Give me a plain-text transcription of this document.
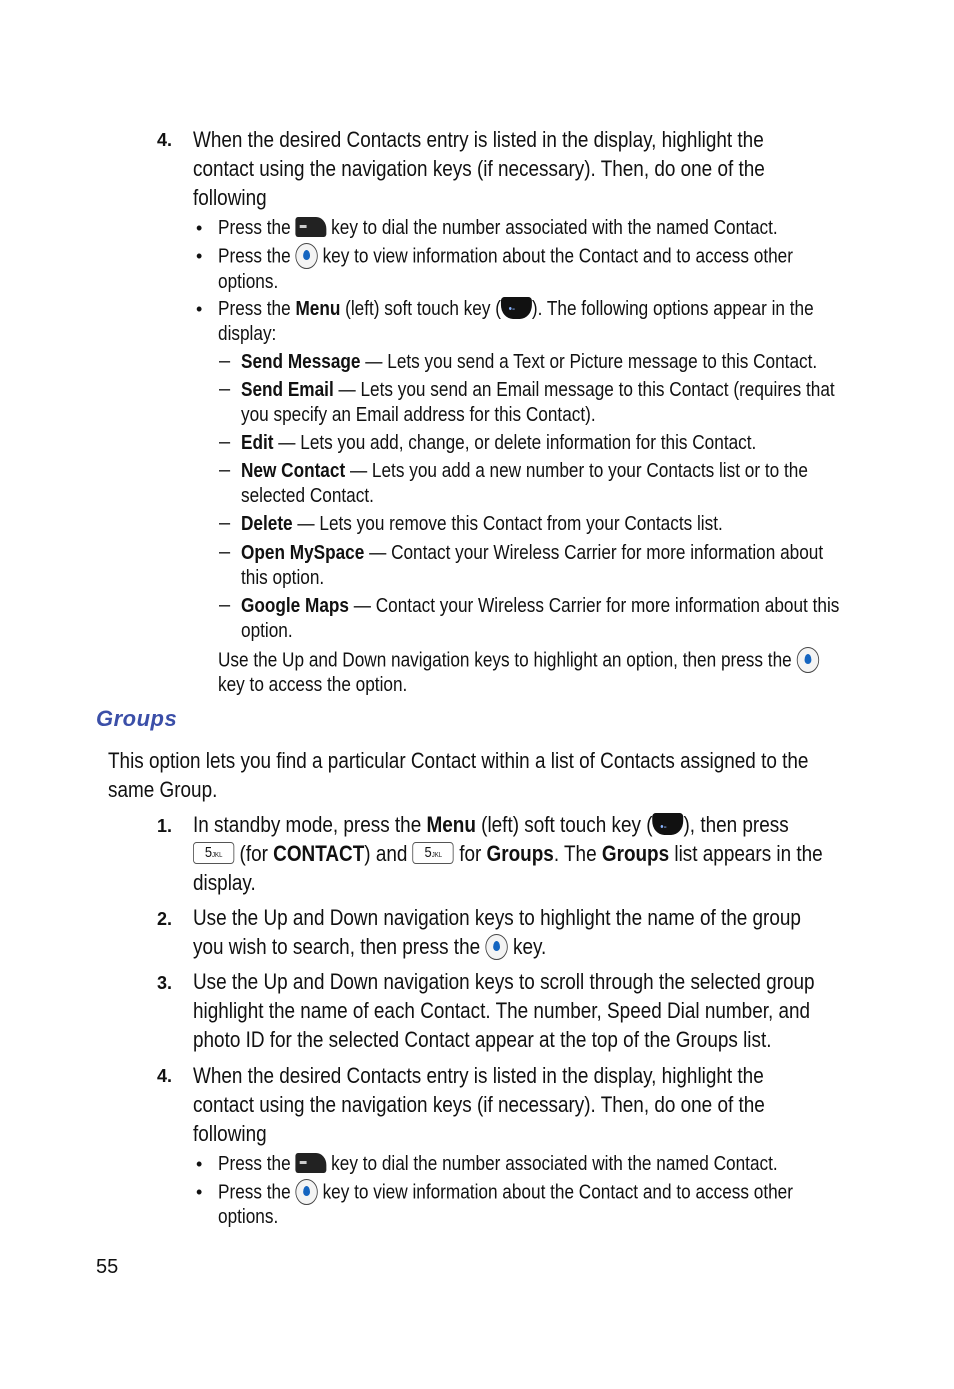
4. When the desired Contacts entry is listed in the display, highlight the
contact using the navigation keys (if necessary). Then, do one of the
following
• Press the key to dial the number associated with the named Contact.
• Press the key to view information about the Contact and to access other
options.
• Press the Menu (left) soft touch key ( •- ). The following options appear in the
display:
– Send Message — Lets you send a Text or Picture message to this Contact.
– Send Email — Lets you send an Email message to this Contact (requires that
you specify an Email address for this Contact).
– Edit — Lets you add, change, or delete information for this Contact.
– New Contact — Lets you add a new number to your Contacts list or to the
selected Contact.
– Delete — Lets you remove this Contact from your Contacts list.
– Open MySpace — Contact your Wireless Carrier for more information about
this option.
– Google Maps — Contact your Wireless Carrier for more information about this
option.
Use the Up and Down navigation keys to highlight an option, then press the
key to access the option.
Groups
This option lets you find a particular Contact within a list of Contacts assigned to the
same Group.
1. In standby mode, press the Menu (left) soft touch key ( •- ), then press
5JKL (for CONTACT) and 5JKL for Groups. The Groups list appears in the
display.
2. Use the Up and Down navigation keys to highlight the name of the group
you wish to search, then press the key.
3. Use the Up and Down navigation keys to scroll through the selected group
highlight the name of each Contact. The number, Speed Dial number, and
photo ID for the selected Contact appear at the top of the Groups list.
4. When the desired Contacts entry is listed in the display, highlight the
contact using the navigation keys (if necessary). Then, do one of the
following
• Press the key to dial the number associated with the named Contact.
• Press the key to view information about the Contact and to access other
options.
55
